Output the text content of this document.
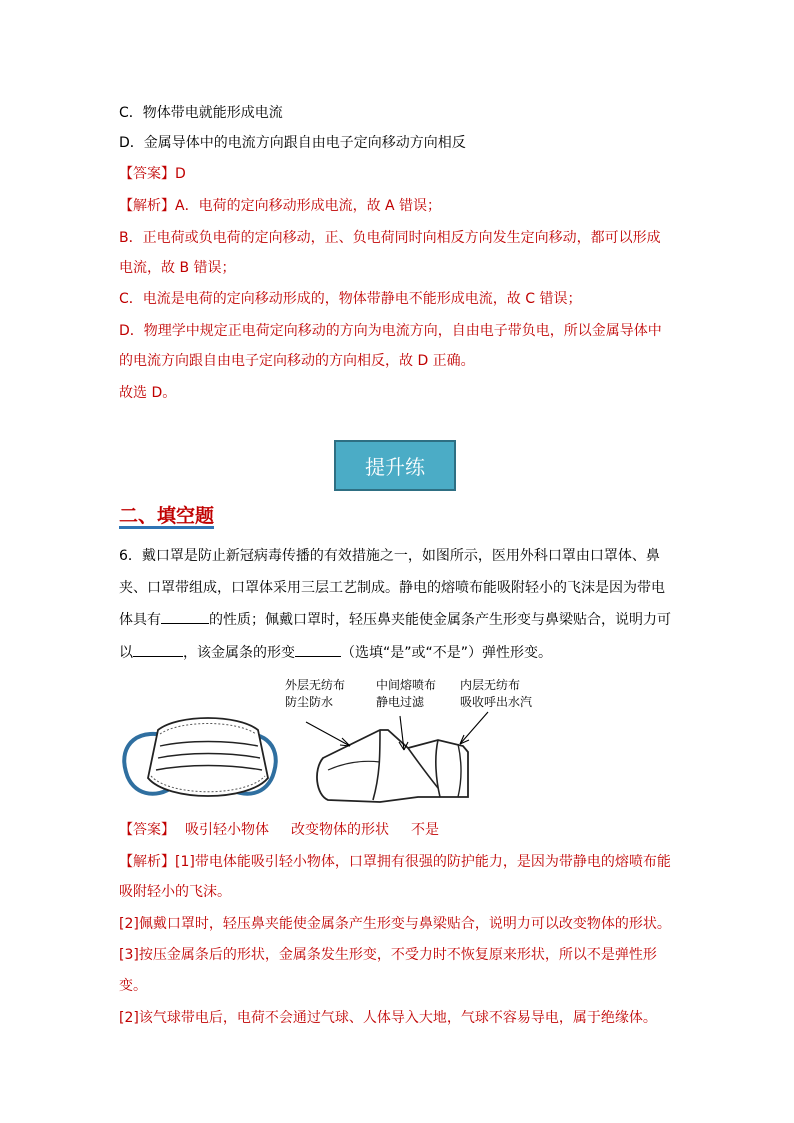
C．物体带电就能形成电流
D．金属导体中的电流方向跟自由电子定向移动方向相反
【答案】D
【解析】A．电荷的定向移动形成电流，故 A 错误；
B．正电荷或负电荷的定向移动，正、负电荷同时向相反方向发生定向移动，都可以形成
电流，故 B 错误；
C．电流是电荷的定向移动形成的，物体带静电不能形成电流，故 C 错误；
D．物理学中规定正电荷定向移动的方向为电流方向，自由电子带负电，所以金属导体中
的电流方向跟自由电子定向移动的方向相反，故 D 正确。
故选 D。
提升练
二、填空题
6．戴口罩是防止新冠病毒传播的有效措施之一，如图所示，医用外科口罩由口罩体、鼻
夹、口罩带组成，口罩体采用三层工艺制成。静电的熔喷布能吸附轻小的飞沫是因为带电
体具有	的性质；佩戴口罩时，轻压鼻夹能使金属条产生形变与鼻梁贴合，说明力可
以	，该金属条的形变	（选填“是”或“不是”）弹性形变。
外层无纺布
防尘防水
中间熔喷布
静电过滤
内层无纺布
吸收呼出水汽
【答案】 吸引轻小物体 改变物体的形状 不是
【解析】[1]带电体能吸引轻小物体，口罩拥有很强的防护能力，是因为带静电的熔喷布能
吸附轻小的飞沫。
[2]佩戴口罩时，轻压鼻夹能使金属条产生形变与鼻梁贴合，说明力可以改变物体的形状。
[3]按压金属条后的形状，金属条发生形变，不受力时不恢复原来形状，所以不是弹性形
变。
[2]该气球带电后，电荷不会通过气球、人体导入大地，气球不容易导电，属于绝缘体。
